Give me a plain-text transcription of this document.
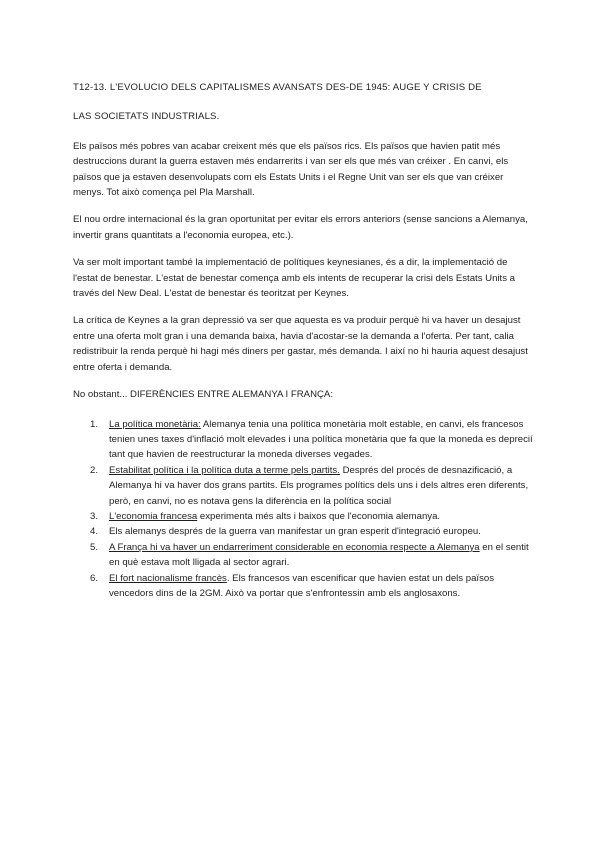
T12-13. L'EVOLUCIO DELS CAPITALISMES AVANSATS DES-DE 1945: AUGE Y CRISIS DE

LAS SOCIETATS INDUSTRIALS.

Els països més pobres van acabar creixent més que els països rics. Els països que havien patit més destruccions durant la guerra estaven més endarrerits i van ser els que més van créixer . En canvi, els països que ja estaven desenvolupats com els Estats Units i el Regne Unit van ser els que van créixer menys. Tot això comença pel Pla Marshall.

El nou ordre internacional és la gran oportunitat per evitar els errors anteriors (sense sancions a Alemanya, invertir grans quantitats a l'economia europea, etc.).

Va ser molt important també la implementació de polítiques keynesianes, és a dir, la implementació de l'estat de benestar. L'estat de benestar comença amb els intents de recuperar la crisi dels Estats Units a través del New Deal. L'estat de benestar és teoritzat per Keynes.

La crítica de Keynes a la gran depressió va ser que aquesta es va produir perquè hi va haver un desajust entre una oferta molt gran i una demanda baixa, havia d'acostar-se la demanda a l'oferta. Per tant, calia redistribuir la renda perquè hi hagi més diners per gastar, més demanda. I així no hi hauria aquest desajust entre oferta i demanda.

No obstant... DIFERÈNCIES ENTRE ALEMANYA I FRANÇA:

1. La política monetària: Alemanya tenia una política monetària molt estable, en canvi, els francesos tenien unes taxes d'inflació molt elevades i una política monetària que fa que la moneda es deprecií tant que havien de reestructurar la moneda diverses vegades.
2. Estabilitat política i la política duta a terme pels partits. Després del procés de desnazificació, a Alemanya hi va haver dos grans partits. Els programes polítics dels uns i dels altres eren diferents, però, en canvi, no es notava gens la diferència en la política social
3. L'economia francesa experimenta més alts i baixos que l'economia alemanya.
4. Els alemanys després de la guerra van manifestar un gran esperit d'integració europeu.
5. A França hi va haver un endarreriment considerable en economia respecte a Alemanya en el sentit en què estava molt lligada al sector agrari.
6. El fort nacionalisme francès. Els francesos van escenificar que havien estat un dels països vencedors dins de la 2GM. Això va portar que s'enfrontessin amb els anglosaxons.
